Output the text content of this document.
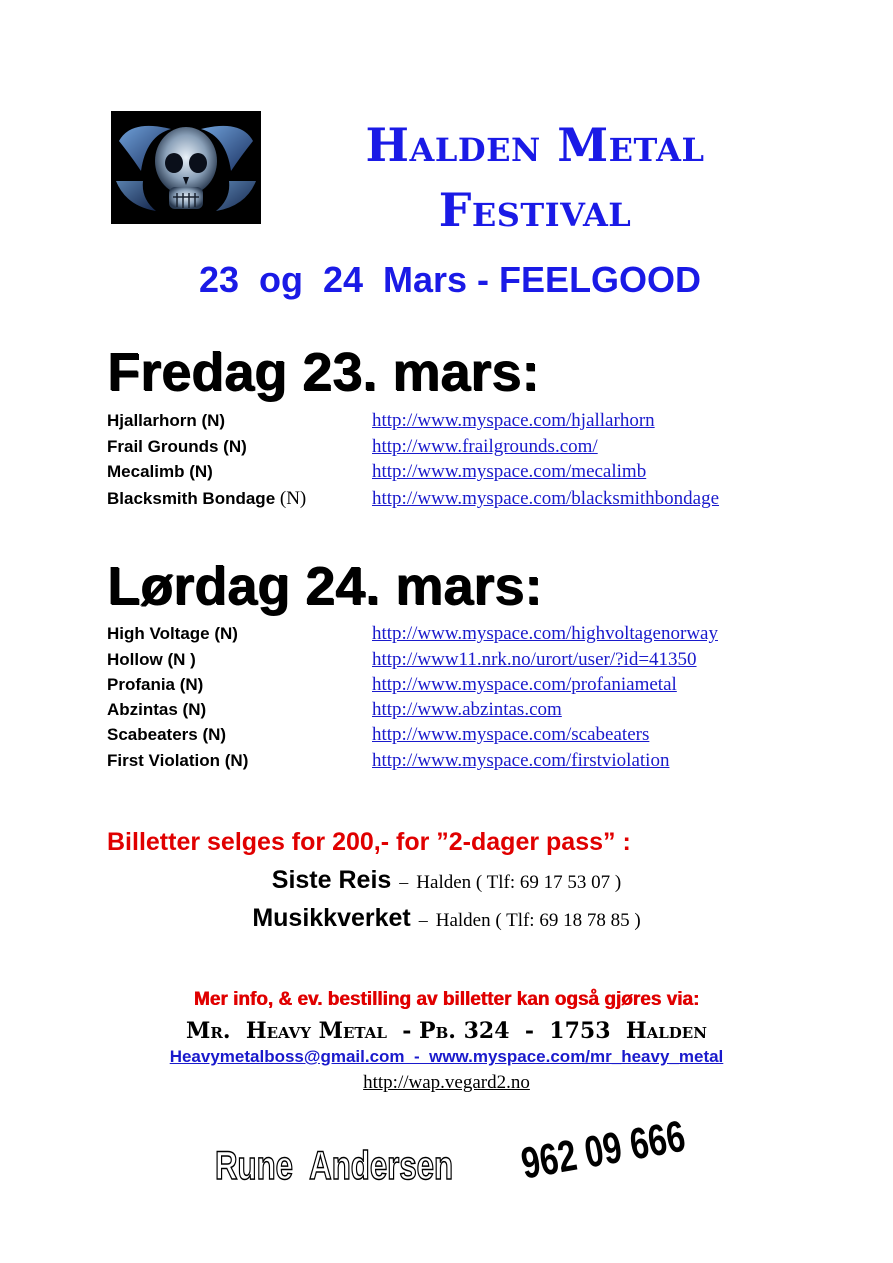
Halden Metal
Festival
23  og  24  Mars - FEELGOOD
Fredag 23. mars:
Hjallarhorn (N)	http://www.myspace.com/hjallarhorn
Frail Grounds (N)	http://www.frailgrounds.com/
Mecalimb (N)	http://www.myspace.com/mecalimb
Blacksmith Bondage (N)	http://www.myspace.com/blacksmithbondage
Lørdag 24. mars:
High Voltage (N)	http://www.myspace.com/highvoltagenorway
Hollow (N )	http://www11.nrk.no/urort/user/?id=41350
Profania (N)	http://www.myspace.com/profaniametal
Abzintas (N)	http://www.abzintas.com
Scabeaters (N)	http://www.myspace.com/scabeaters
First Violation (N)	http://www.myspace.com/firstviolation
Billetter selges for 200,- for ”2-dager pass” :
Siste Reis – Halden ( Tlf: 69 17 53 07 )
Musikkverket – Halden ( Tlf: 69 18 78 85 )
Mer info, & ev. bestilling av billetter kan også gjøres via:
Mr.  Heavy Metal  - Pb. 324  -  1753  Halden
Heavymetalboss@gmail.com  -  www.myspace.com/mr_heavy_metal
http://wap.vegard2.no
Rune  Andersen 962 09 666
